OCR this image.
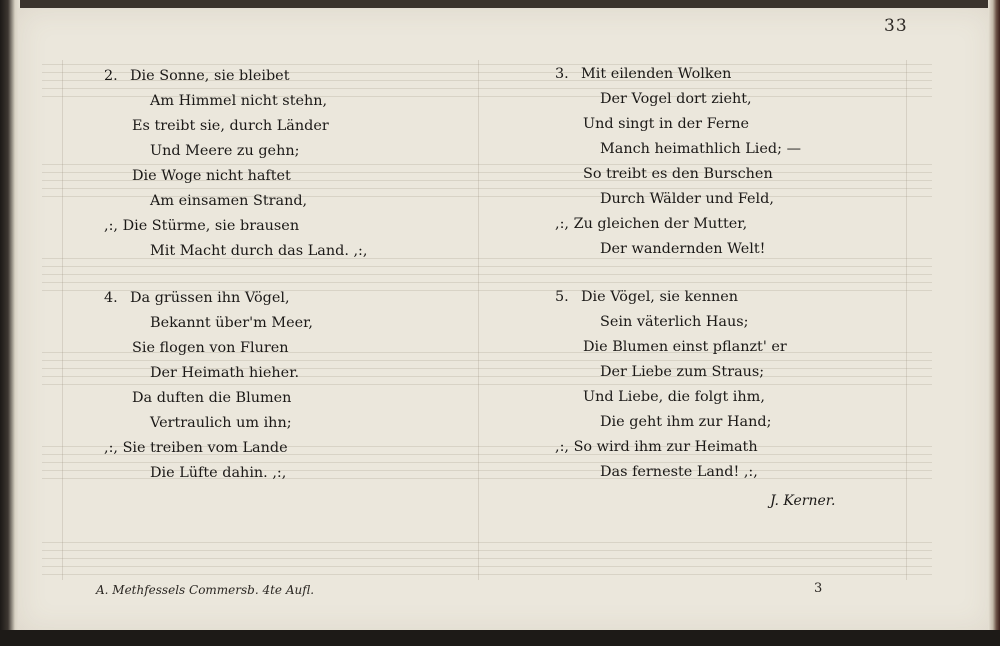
33
2. Die Sonne, sie bleibet
Am Himmel nicht stehn,
Es treibt sie, durch Länder
Und Meere zu gehn;
Die Woge nicht haftet
Am einsamen Strand,
,:, Die Stürme, sie brausen
Mit Macht durch das Land. ,:,
3. Mit eilenden Wolken
Der Vogel dort zieht,
Und singt in der Ferne
Manch heimathlich Lied; —
So treibt es den Burschen
Durch Wälder und Feld,
,:, Zu gleichen der Mutter,
Der wandernden Welt!
4. Da grüssen ihn Vögel,
Bekannt über'm Meer,
Sie flogen von Fluren
Der Heimath hieher.
Da duften die Blumen
Vertraulich um ihn;
,:, Sie treiben vom Lande
Die Lüfte dahin. ,:,
5. Die Vögel, sie kennen
Sein väterlich Haus;
Die Blumen einst pflanzt' er
Der Liebe zum Straus;
Und Liebe, die folgt ihm,
Die geht ihm zur Hand;
,:, So wird ihm zur Heimath
Das ferneste Land! ,:,
J. Kerner.
A. Methfessels Commersb. 4te Aufl.	3
